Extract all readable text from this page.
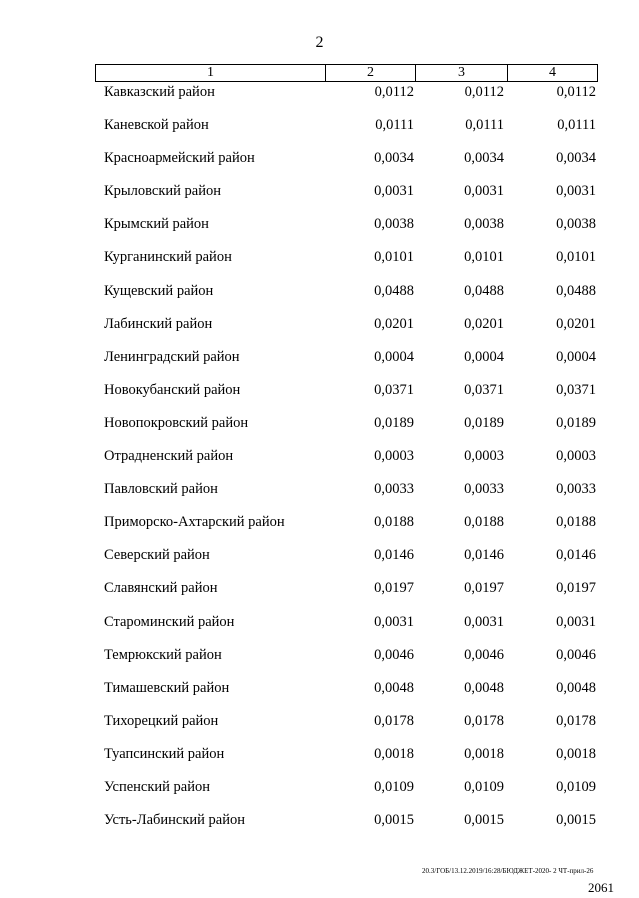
2
1	2	3	4
Кавказский район	0,0112	0,0112	0,0112
Каневской район	0,0111	0,0111	0,0111
Красноармейский район	0,0034	0,0034	0,0034
Крыловский район	0,0031	0,0031	0,0031
Крымский район	0,0038	0,0038	0,0038
Курганинский район	0,0101	0,0101	0,0101
Кущевский район	0,0488	0,0488	0,0488
Лабинский район	0,0201	0,0201	0,0201
Ленинградский район	0,0004	0,0004	0,0004
Новокубанский район	0,0371	0,0371	0,0371
Новопокровский район	0,0189	0,0189	0,0189
Отрадненский район	0,0003	0,0003	0,0003
Павловский район	0,0033	0,0033	0,0033
Приморско-Ахтарский район	0,0188	0,0188	0,0188
Северский район	0,0146	0,0146	0,0146
Славянский район	0,0197	0,0197	0,0197
Староминский район	0,0031	0,0031	0,0031
Темрюкский район	0,0046	0,0046	0,0046
Тимашевский район	0,0048	0,0048	0,0048
Тихорецкий район	0,0178	0,0178	0,0178
Туапсинский район	0,0018	0,0018	0,0018
Успенский район	0,0109	0,0109	0,0109
Усть-Лабинский район	0,0015	0,0015	0,0015
20.3/ГОБ/13.12.2019/16:28/БЮДЖЕТ-2020- 2 ЧТ-прил-26
2061
